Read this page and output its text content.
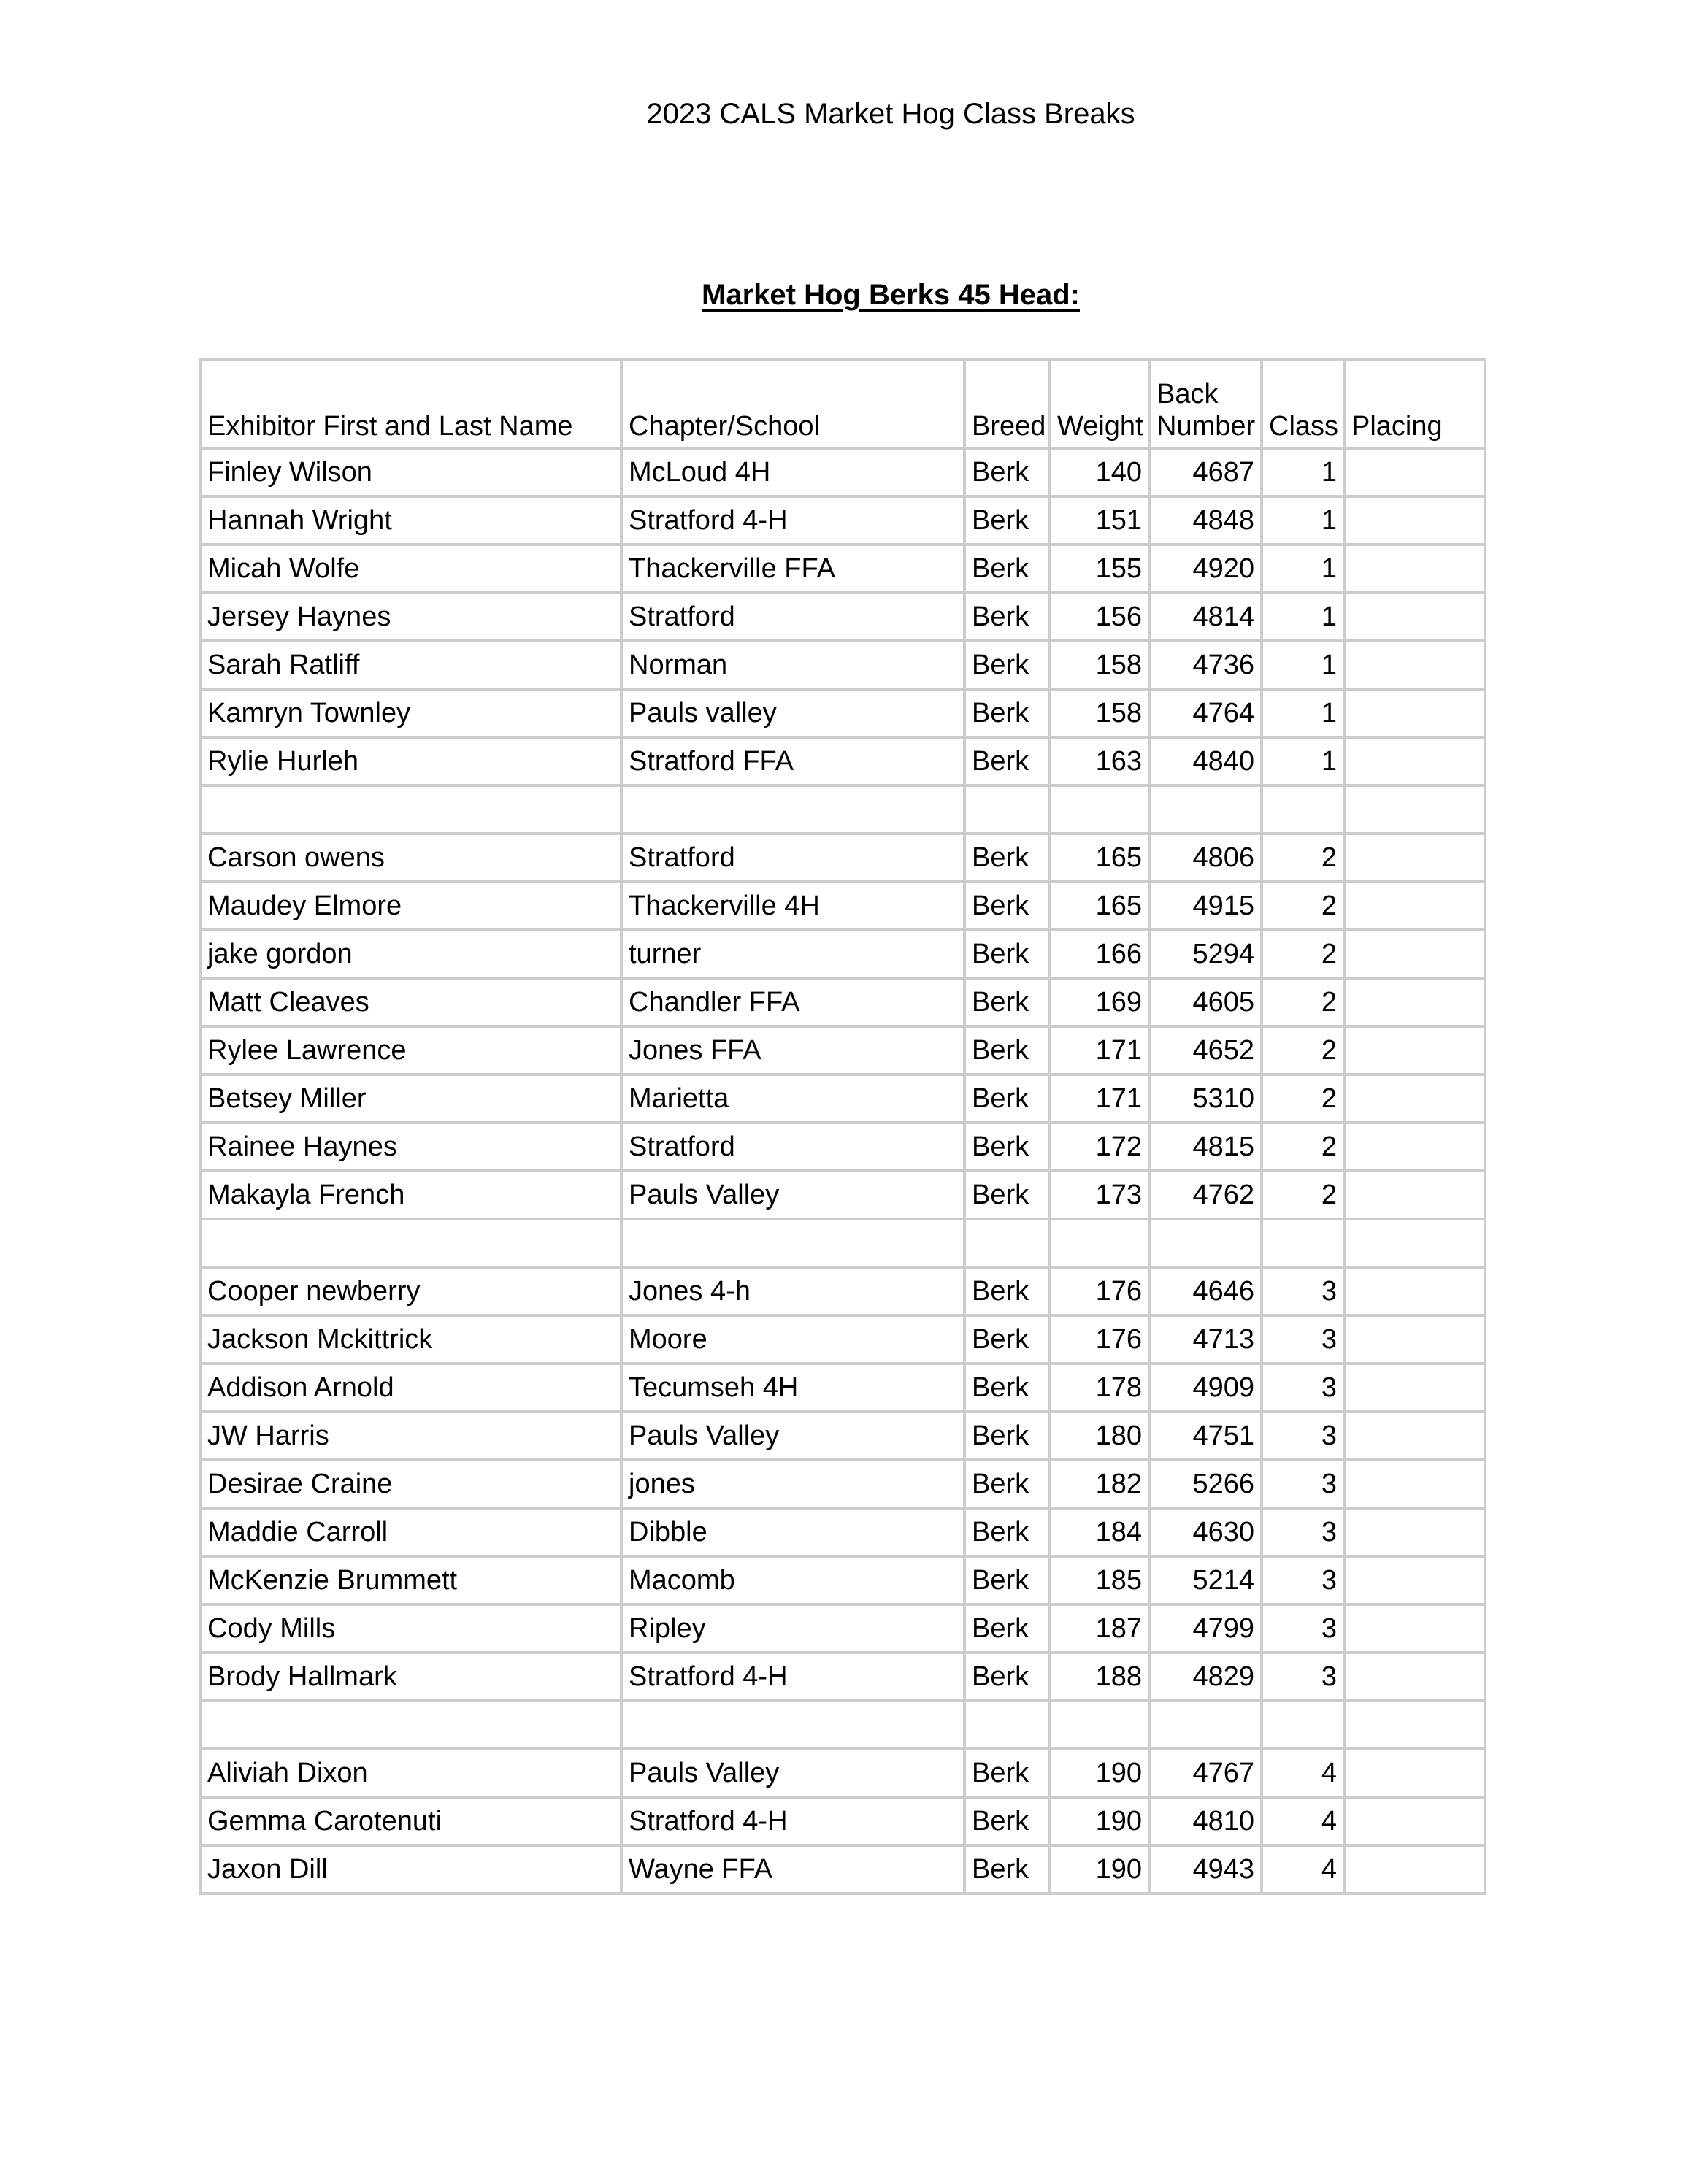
2023 CALS Market Hog Class Breaks
Market Hog Berks 45 Head:
Exhibitor First and Last Name	Chapter/School	Breed	Weight	Back Number	Class	Placing
Finley Wilson	McLoud 4H	Berk	140	4687	1	
Hannah Wright	Stratford 4-H	Berk	151	4848	1	
Micah Wolfe	Thackerville FFA	Berk	155	4920	1	
Jersey Haynes	Stratford	Berk	156	4814	1	
Sarah Ratliff	Norman	Berk	158	4736	1	
Kamryn Townley	Pauls valley	Berk	158	4764	1	
Rylie Hurleh	Stratford FFA	Berk	163	4840	1	

Carson owens	Stratford	Berk	165	4806	2	
Maudey Elmore	Thackerville 4H	Berk	165	4915	2	
jake gordon	turner	Berk	166	5294	2	
Matt Cleaves	Chandler FFA	Berk	169	4605	2	
Rylee Lawrence	Jones FFA	Berk	171	4652	2	
Betsey Miller	Marietta	Berk	171	5310	2	
Rainee Haynes	Stratford	Berk	172	4815	2	
Makayla French	Pauls Valley	Berk	173	4762	2	

Cooper newberry	Jones 4-h	Berk	176	4646	3	
Jackson Mckittrick	Moore	Berk	176	4713	3	
Addison Arnold	Tecumseh 4H	Berk	178	4909	3	
JW Harris	Pauls Valley	Berk	180	4751	3	
Desirae Craine	jones	Berk	182	5266	3	
Maddie Carroll	Dibble	Berk	184	4630	3	
McKenzie Brummett	Macomb	Berk	185	5214	3	
Cody Mills	Ripley	Berk	187	4799	3	
Brody Hallmark	Stratford 4-H	Berk	188	4829	3	

Aliviah Dixon	Pauls Valley	Berk	190	4767	4	
Gemma Carotenuti	Stratford 4-H	Berk	190	4810	4	
Jaxon Dill	Wayne FFA	Berk	190	4943	4	
